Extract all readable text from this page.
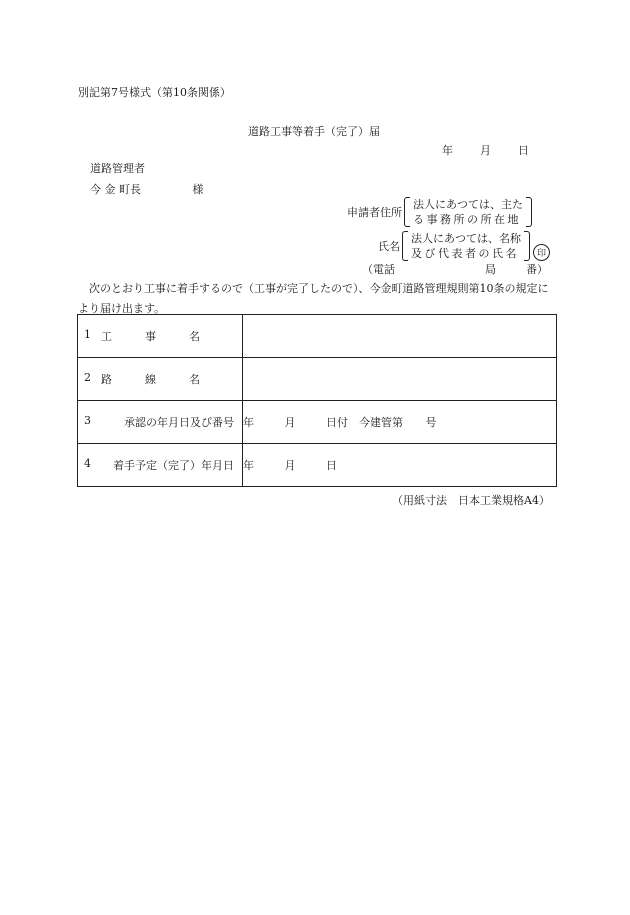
別記第7号様式（第10条関係）
道路工事等着手（完了）届
年	月	日
道路管理者
今 金 町長	様
申請者住所
法人にあつては、主た
る事務所の所在地
氏名
法人にあつては、名称
及び代表者の氏名	印
（電話	局	番）
次のとおり工事に着手するので（工事が完了したので）、今金町道路管理規則第10条の規定により届け出ます。
1 工　　　事　　　名	

2 路　　　線　　　名	

3 承認の年月日及び番号	年 月 日付　今建管第 号

4 着手予定（完了）年月日	年 月 日
（用紙寸法　日本工業規格A4）
